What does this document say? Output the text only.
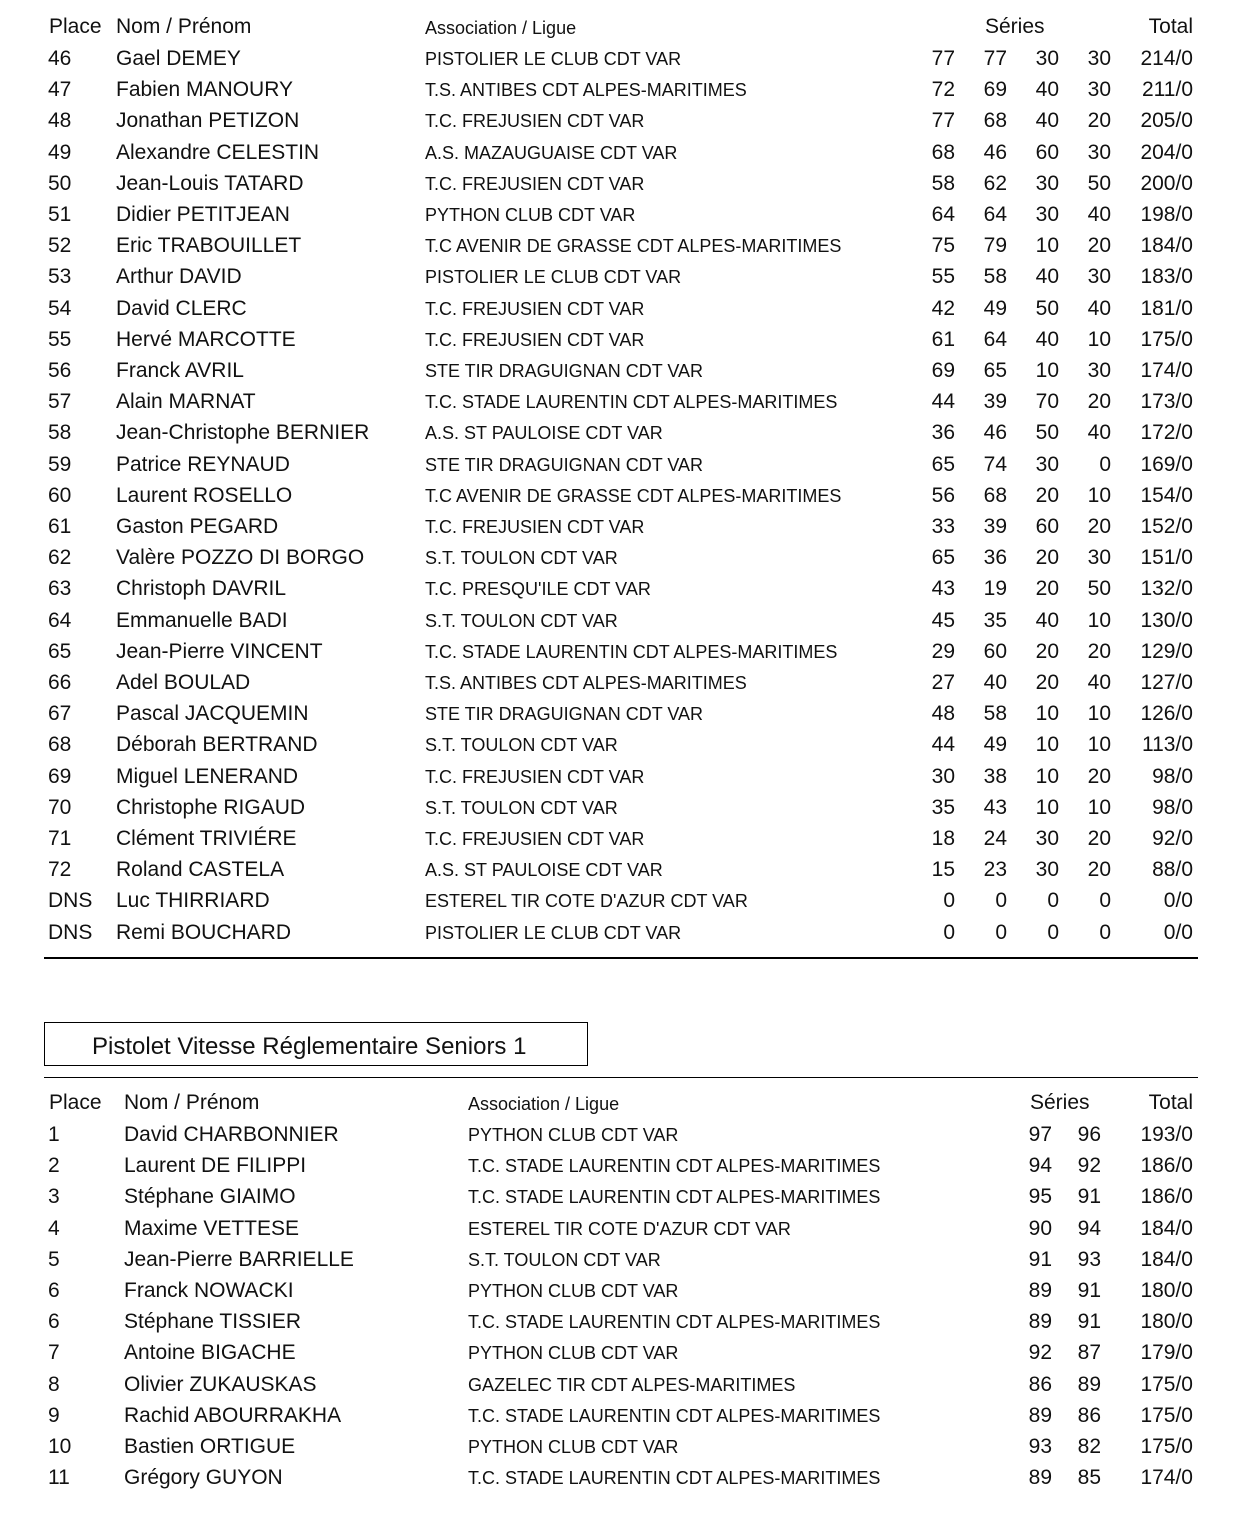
Place Nom / Prénom	Association / Ligue	Séries	Total
46 Gael DEMEY	PISTOLIER LE CLUB CDT VAR	77 77 30 30 214/0
47 Fabien MANOURY	T.S. ANTIBES CDT ALPES-MARITIMES	72 69 40 30 211/0
48 Jonathan PETIZON	T.C. FREJUSIEN CDT VAR	77 68 40 20 205/0
49 Alexandre CELESTIN	A.S. MAZAUGUAISE CDT VAR	68 46 60 30 204/0
50 Jean-Louis TATARD	T.C. FREJUSIEN CDT VAR	58 62 30 50 200/0
51 Didier PETITJEAN	PYTHON CLUB CDT VAR	64 64 30 40 198/0
52 Eric TRABOUILLET	T.C AVENIR DE GRASSE CDT ALPES-MARITIMES	75 79 10 20 184/0
53 Arthur DAVID	PISTOLIER LE CLUB CDT VAR	55 58 40 30 183/0
54 David CLERC	T.C. FREJUSIEN CDT VAR	42 49 50 40 181/0
55 Hervé MARCOTTE	T.C. FREJUSIEN CDT VAR	61 64 40 10 175/0
56 Franck AVRIL	STE TIR DRAGUIGNAN CDT VAR	69 65 10 30 174/0
57 Alain MARNAT	T.C. STADE LAURENTIN CDT ALPES-MARITIMES	44 39 70 20 173/0
58 Jean-Christophe BERNIER	A.S. ST PAULOISE CDT VAR	36 46 50 40 172/0
59 Patrice REYNAUD	STE TIR DRAGUIGNAN CDT VAR	65 74 30 0 169/0
60 Laurent ROSELLO	T.C AVENIR DE GRASSE CDT ALPES-MARITIMES	56 68 20 10 154/0
61 Gaston PEGARD	T.C. FREJUSIEN CDT VAR	33 39 60 20 152/0
62 Valère POZZO DI BORGO	S.T. TOULON CDT VAR	65 36 20 30 151/0
63 Christoph DAVRIL	T.C. PRESQU'ILE CDT VAR	43 19 20 50 132/0
64 Emmanuelle BADI	S.T. TOULON CDT VAR	45 35 40 10 130/0
65 Jean-Pierre VINCENT	T.C. STADE LAURENTIN CDT ALPES-MARITIMES	29 60 20 20 129/0
66 Adel BOULAD	T.S. ANTIBES CDT ALPES-MARITIMES	27 40 20 40 127/0
67 Pascal JACQUEMIN	STE TIR DRAGUIGNAN CDT VAR	48 58 10 10 126/0
68 Déborah BERTRAND	S.T. TOULON CDT VAR	44 49 10 10 113/0
69 Miguel LENERAND	T.C. FREJUSIEN CDT VAR	30 38 10 20 98/0
70 Christophe RIGAUD	S.T. TOULON CDT VAR	35 43 10 10 98/0
71 Clément TRIVIÉRE	T.C. FREJUSIEN CDT VAR	18 24 30 20 92/0
72 Roland CASTELA	A.S. ST PAULOISE CDT VAR	15 23 30 20 88/0
DNS Luc THIRRIARD	ESTEREL TIR COTE D'AZUR CDT VAR	0 0 0 0	0/0
DNS Remi BOUCHARD	PISTOLIER LE CLUB CDT VAR	0 0 0 0	0/0
Pistolet Vitesse Réglementaire Seniors 1
Place Nom / Prénom	Association / Ligue	Séries	Total
1	David CHARBONNIER	PYTHON CLUB CDT VAR	97 96 193/0
2	Laurent DE FILIPPI	T.C. STADE LAURENTIN CDT ALPES-MARITIMES	94 92 186/0
3	Stéphane GIAIMO	T.C. STADE LAURENTIN CDT ALPES-MARITIMES	95 91 186/0
4	Maxime VETTESE	ESTEREL TIR COTE D'AZUR CDT VAR	90 94 184/0
5	Jean-Pierre BARRIELLE	S.T. TOULON CDT VAR	91 93 184/0
6	Franck NOWACKI	PYTHON CLUB CDT VAR	89 91 180/0
6	Stéphane TISSIER	T.C. STADE LAURENTIN CDT ALPES-MARITIMES	89 91 180/0
7	Antoine BIGACHE	PYTHON CLUB CDT VAR	92 87 179/0
8	Olivier ZUKAUSKAS	GAZELEC TIR CDT ALPES-MARITIMES	86 89 175/0
9	Rachid ABOURRAKHA	T.C. STADE LAURENTIN CDT ALPES-MARITIMES	89 86 175/0
10	Bastien ORTIGUE	PYTHON CLUB CDT VAR	93 82 175/0
11	Grégory GUYON	T.C. STADE LAURENTIN CDT ALPES-MARITIMES	89 85 174/0
